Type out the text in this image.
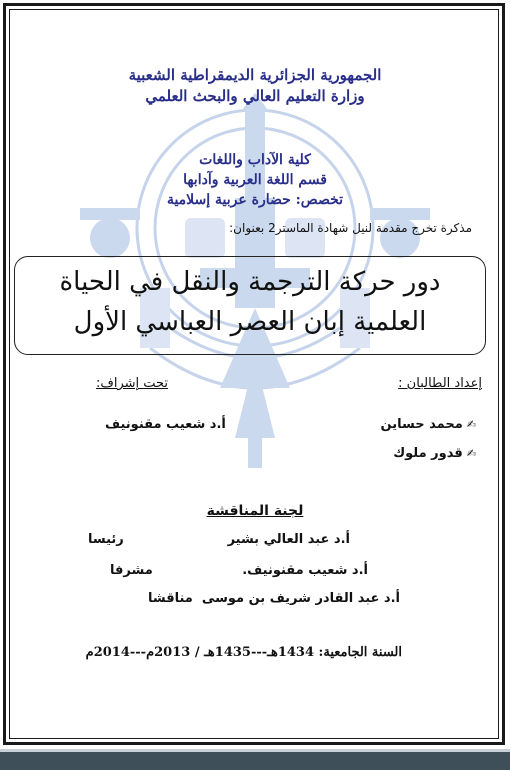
الجمهورية الجزائرية الديمقراطية الشعبية
وزارة التعليم العالي والبحث العلمي
كلية الآداب واللغات
قسم اللغة العربية وآدابها
تخصص: حضارة عربية إسلامية
مذكرة تخرج مقدمة لنيل شهادة الماستر2 بعنوان:
دور حركة الترجمة والنقل في الحياة
العلمية إبان العصر العباسي الأول
إعداد الطالبان :
تحت إشراف:
✍محمد حساين
✍قدور ملوك
أ.د شعيب مقنونيف
لجنة المناقشة
أ.د عبد العالي بشير
رئيسا
أ.د شعيب مقنونيف.
مشرفا
أ.د عبد القادر شريف بن موسى
مناقشا
السنة الجامعية: 1434هـ---1435هـ / 2013م---2014م
